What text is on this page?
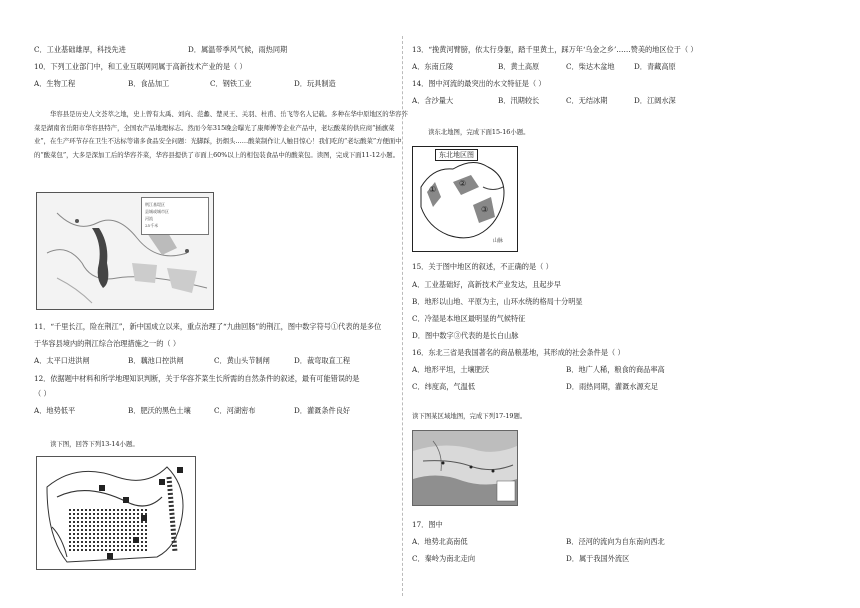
C．工业基础雄厚，科技先进	D．属温带季风气候，雨热同期
10．下列工业部门中，和工业互联网同属于高新技术产业的是（ ）
A．生物工程	B．食品加工	C．钢铁工业	D．玩具制造
华容县是历史人文荟萃之地，史上曾有太禹、刘向、范蠡、楚灵王、关羽、杜甫、岳飞等名人记载。多种在华中原地区的华容芥菜是湖南省岳阳市华容县特产，全国农产品地理标志。然而今年315晚会曝光了康师傅等企业产品中，老坛酸菜的供应商“插旗菜业”，在生产环节存在卫生不达标等诸多食品安全问题：光脚踩，扔烟头……酸菜制作让人触目惊心！我们吃的“老坛酸菜”方便面中的“酸菜包”，大多是深加工后的华容芥菜，华容县提供了市面上60%以上的相包装食品中的酸菜包。读图，完成下面11-12小题。
荆江基堤区
县城或城市区
河流
25千米
11．“千里长江，险在荆江”，新中国成立以来，重点治理了“九曲回肠”的荆江，图中数字符号①代表的是多位
于华容县境内的荆江综合治理措施之一的（ ）
A．太平口进洪闸	B．藕池口控洪闸	C．黄山头节制闸	D．裁弯取直工程
12．依据题中材料和所学地理知识判断，关于华容芥菜生长所需的自然条件的叙述，最有可能错误的是
（ ）
A．地势低平	B．肥沃的黑色土壤	C．河湖密布	D．灌溉条件良好
读下图，回答下列13-14小题。
13．“挽黄河臂膀，依太行身躯，踏千里黄土，踩万年‘乌金之乡’……赞美的地区位于（ ）
A．东南丘陵	B．黄土高原	C．柴达木盆地	D．青藏高原
14．图中河流的最突出的水文特征是（ ）
A．含沙量大	B．汛期较长	C．无结冰期	D．江阔水深
读东北地图，完成下面15-16小题。
东北地区图
①
②
③
山脉
15．关于图中地区的叙述，不正确的是（ ）
A．工业基础好，高新技术产业发达，且起步早
B．地形以山地、平原为主，山环水绕的格局十分明显
C．冷湿是本地区最明显的气候特征
D．图中数字③代表的是长白山脉
16．东北三省是我国著名的商品粮基地，其形成的社会条件是（ ）
A．地形平坦，土壤肥沃	B．地广人稀，粮食的商品率高
C．纬度高，气温低	D．雨热同期，灌溉水源充足
读下图某区域地图，完成下列17-19题。
17．图中
A．地势北高南低	B．泾河的流向为自东南向西北
C．秦岭为南北走向	D．属于我国外流区
